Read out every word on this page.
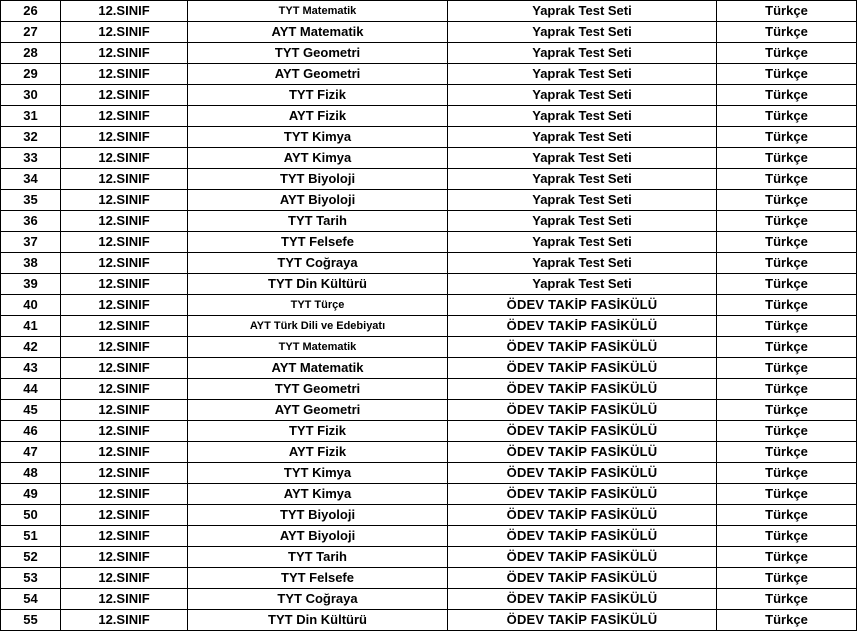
26	12.SINIF	TYT Matematik	Yaprak Test Seti	Türkçe
27	12.SINIF	AYT Matematik	Yaprak Test Seti	Türkçe
28	12.SINIF	TYT Geometri	Yaprak Test Seti	Türkçe
29	12.SINIF	AYT Geometri	Yaprak Test Seti	Türkçe
30	12.SINIF	TYT Fizik	Yaprak Test Seti	Türkçe
31	12.SINIF	AYT Fizik	Yaprak Test Seti	Türkçe
32	12.SINIF	TYT Kimya	Yaprak Test Seti	Türkçe
33	12.SINIF	AYT Kimya	Yaprak Test Seti	Türkçe
34	12.SINIF	TYT Biyoloji	Yaprak Test Seti	Türkçe
35	12.SINIF	AYT Biyoloji	Yaprak Test Seti	Türkçe
36	12.SINIF	TYT Tarih	Yaprak Test Seti	Türkçe
37	12.SINIF	TYT Felsefe	Yaprak Test Seti	Türkçe
38	12.SINIF	TYT Coğraya	Yaprak Test Seti	Türkçe
39	12.SINIF	TYT Din Kültürü	Yaprak Test Seti	Türkçe
40	12.SINIF	TYT Türçe	ÖDEV TAKİP FASİKÜLÜ	Türkçe
41	12.SINIF	AYT Türk Dili ve Edebiyatı	ÖDEV TAKİP FASİKÜLÜ	Türkçe
42	12.SINIF	TYT Matematik	ÖDEV TAKİP FASİKÜLÜ	Türkçe
43	12.SINIF	AYT Matematik	ÖDEV TAKİP FASİKÜLÜ	Türkçe
44	12.SINIF	TYT Geometri	ÖDEV TAKİP FASİKÜLÜ	Türkçe
45	12.SINIF	AYT Geometri	ÖDEV TAKİP FASİKÜLÜ	Türkçe
46	12.SINIF	TYT Fizik	ÖDEV TAKİP FASİKÜLÜ	Türkçe
47	12.SINIF	AYT Fizik	ÖDEV TAKİP FASİKÜLÜ	Türkçe
48	12.SINIF	TYT Kimya	ÖDEV TAKİP FASİKÜLÜ	Türkçe
49	12.SINIF	AYT Kimya	ÖDEV TAKİP FASİKÜLÜ	Türkçe
50	12.SINIF	TYT Biyoloji	ÖDEV TAKİP FASİKÜLÜ	Türkçe
51	12.SINIF	AYT Biyoloji	ÖDEV TAKİP FASİKÜLÜ	Türkçe
52	12.SINIF	TYT Tarih	ÖDEV TAKİP FASİKÜLÜ	Türkçe
53	12.SINIF	TYT Felsefe	ÖDEV TAKİP FASİKÜLÜ	Türkçe
54	12.SINIF	TYT Coğraya	ÖDEV TAKİP FASİKÜLÜ	Türkçe
55	12.SINIF	TYT Din Kültürü	ÖDEV TAKİP FASİKÜLÜ	Türkçe
